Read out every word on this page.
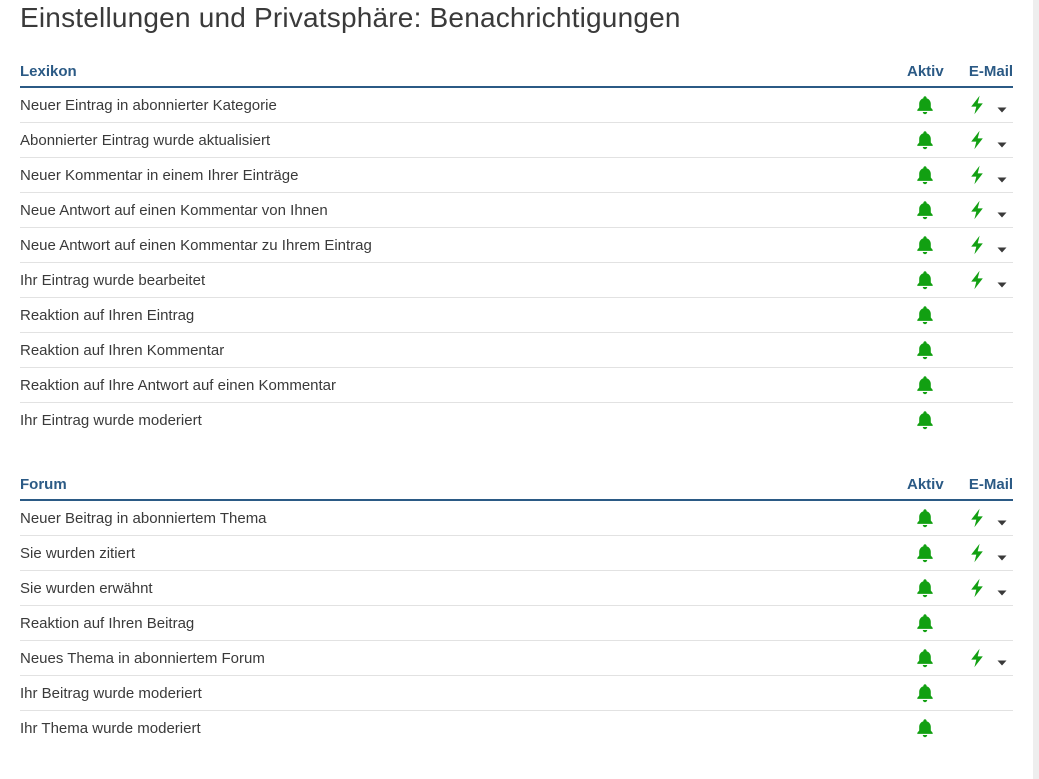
Einstellungen und Privatsphäre: Benachrichtigungen
Lexikon	Aktiv E-Mail
Neuer Eintrag in abonnierter Kategorie
Abonnierter Eintrag wurde aktualisiert
Neuer Kommentar in einem Ihrer Einträge
Neue Antwort auf einen Kommentar von Ihnen
Neue Antwort auf einen Kommentar zu Ihrem Eintrag
Ihr Eintrag wurde bearbeitet
Reaktion auf Ihren Eintrag
Reaktion auf Ihren Kommentar
Reaktion auf Ihre Antwort auf einen Kommentar
Ihr Eintrag wurde moderiert
Forum	Aktiv E-Mail
Neuer Beitrag in abonniertem Thema
Sie wurden zitiert
Sie wurden erwähnt
Reaktion auf Ihren Beitrag
Neues Thema in abonniertem Forum
Ihr Beitrag wurde moderiert
Ihr Thema wurde moderiert
